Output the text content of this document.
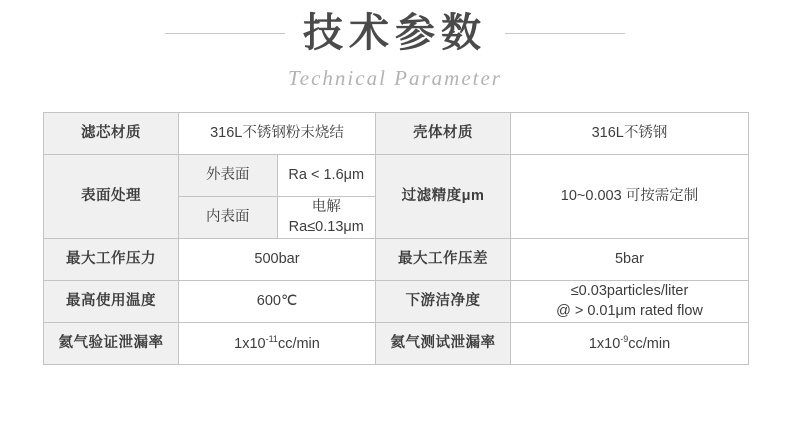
技术参数
Technical Parameter
滤芯材质	316L不锈钢粉末烧结		壳体材质	316L不锈钢
表面处理	外表面	Ra < 1.6μm	过滤精度μm	10~0.003 可按需定制
	内表面	电解Ra≤0.13μm		
最大工作压力	500bar		最大工作压差	5bar
最高使用温度	600℃		下游洁净度	≤0.03particles/liter
@ > 0.01μm rated flow

氦气验证泄漏率	$1x10^{-11}cc/\min$		氦气测试泄漏率	$1x10^{-9}cc/\min$
